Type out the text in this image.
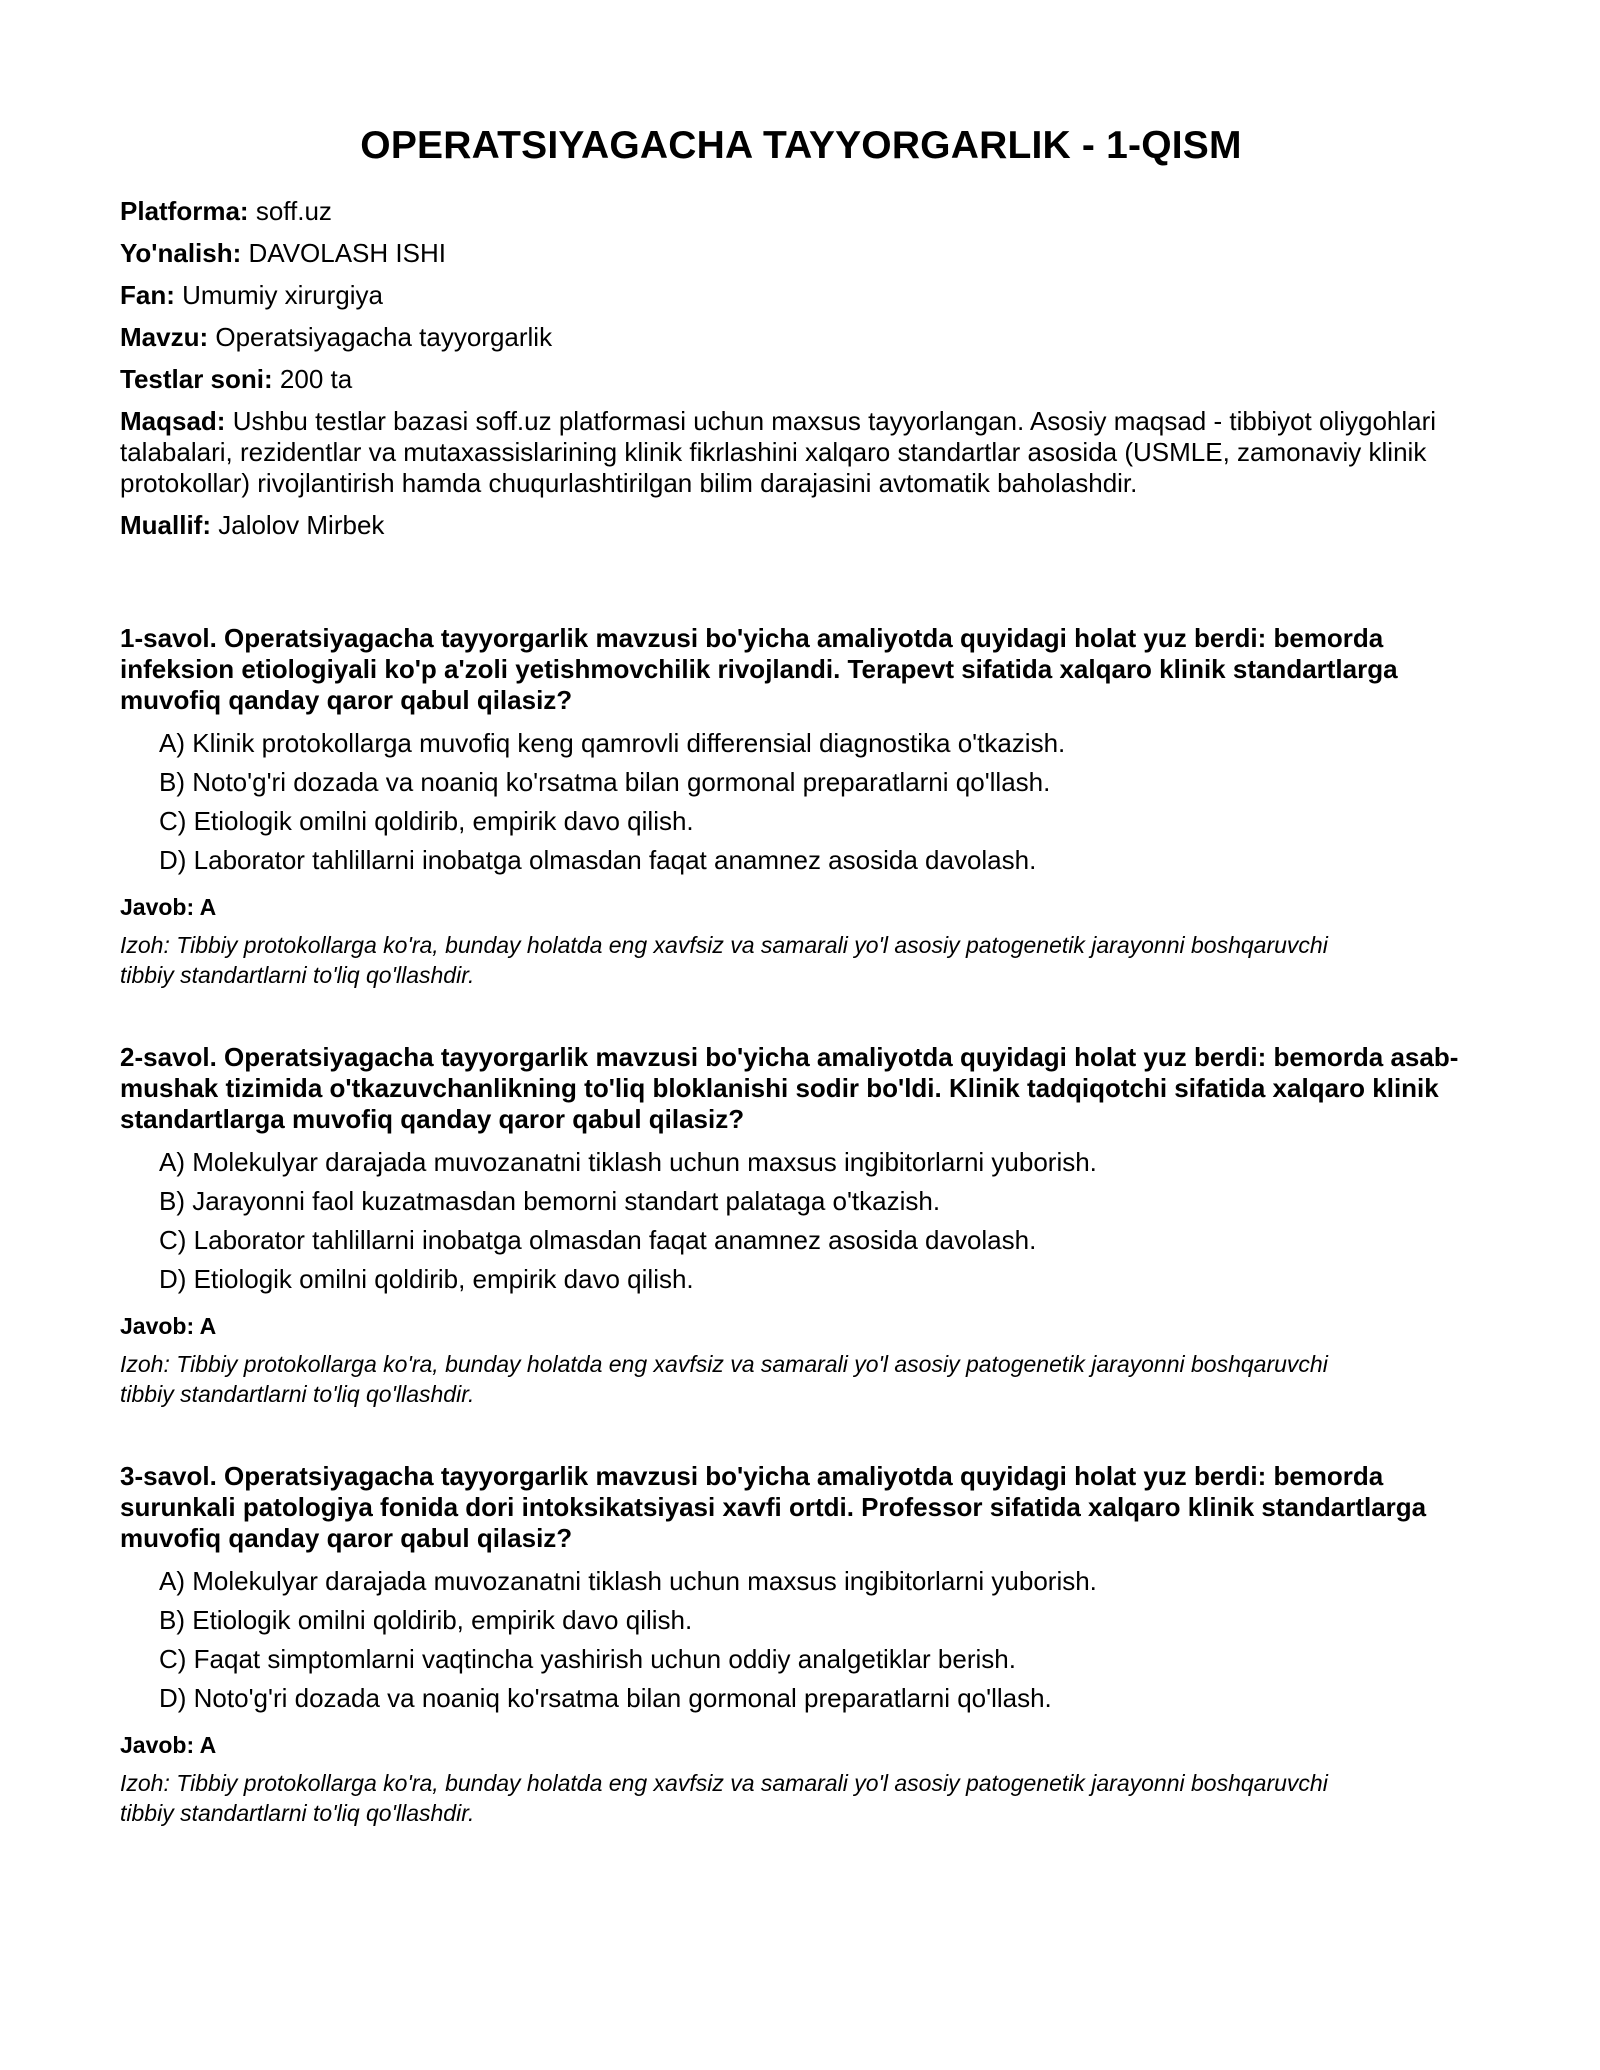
OPERATSIYAGACHA TAYYORGARLIK - 1-QISM
Platforma: soff.uz
Yo'nalish: DAVOLASH ISHI
Fan: Umumiy xirurgiya
Mavzu: Operatsiyagacha tayyorgarlik
Testlar soni: 200 ta
Maqsad: Ushbu testlar bazasi soff.uz platformasi uchun maxsus tayyorlangan. Asosiy maqsad - tibbiyot oliygohlari talabalari, rezidentlar va mutaxassislarining klinik fikrlashini xalqaro standartlar asosida (USMLE, zamonaviy klinik protokollar) rivojlantirish hamda chuqurlashtirilgan bilim darajasini avtomatik baholashdir.
Muallif: Jalolov Mirbek

1-savol. Operatsiyagacha tayyorgarlik mavzusi bo'yicha amaliyotda quyidagi holat yuz berdi: bemorda infeksion etiologiyali ko'p a'zoli yetishmovchilik rivojlandi. Terapevt sifatida xalqaro klinik standartlarga muvofiq qanday qaror qabul qilasiz?

A) Klinik protokollarga muvofiq keng qamrovli differensial diagnostika o'tkazish.
B) Noto'g'ri dozada va noaniq ko'rsatma bilan gormonal preparatlarni qo'llash.
C) Etiologik omilni qoldirib, empirik davo qilish.
D) Laborator tahlillarni inobatga olmasdan faqat anamnez asosida davolash.
Javob: A
Izoh: Tibbiy protokollarga ko'ra, bunday holatda eng xavfsiz va samarali yo'l asosiy patogenetik jarayonni boshqaruvchi tibbiy standartlarni to'liq qo'llashdir.

2-savol. Operatsiyagacha tayyorgarlik mavzusi bo'yicha amaliyotda quyidagi holat yuz berdi: bemorda asab-mushak tizimida o'tkazuvchanlikning to'liq bloklanishi sodir bo'ldi. Klinik tadqiqotchi sifatida xalqaro klinik standartlarga muvofiq qanday qaror qabul qilasiz?

A) Molekulyar darajada muvozanatni tiklash uchun maxsus ingibitorlarni yuborish.
B) Jarayonni faol kuzatmasdan bemorni standart palataga o'tkazish.
C) Laborator tahlillarni inobatga olmasdan faqat anamnez asosida davolash.
D) Etiologik omilni qoldirib, empirik davo qilish.
Javob: A
Izoh: Tibbiy protokollarga ko'ra, bunday holatda eng xavfsiz va samarali yo'l asosiy patogenetik jarayonni boshqaruvchi tibbiy standartlarni to'liq qo'llashdir.

3-savol. Operatsiyagacha tayyorgarlik mavzusi bo'yicha amaliyotda quyidagi holat yuz berdi: bemorda surunkali patologiya fonida dori intoksikatsiyasi xavfi ortdi. Professor sifatida xalqaro klinik standartlarga muvofiq qanday qaror qabul qilasiz?

A) Molekulyar darajada muvozanatni tiklash uchun maxsus ingibitorlarni yuborish.
B) Etiologik omilni qoldirib, empirik davo qilish.
C) Faqat simptomlarni vaqtincha yashirish uchun oddiy analgetiklar berish.
D) Noto'g'ri dozada va noaniq ko'rsatma bilan gormonal preparatlarni qo'llash.
Javob: A
Izoh: Tibbiy protokollarga ko'ra, bunday holatda eng xavfsiz va samarali yo'l asosiy patogenetik jarayonni boshqaruvchi tibbiy standartlarni to'liq qo'llashdir.
